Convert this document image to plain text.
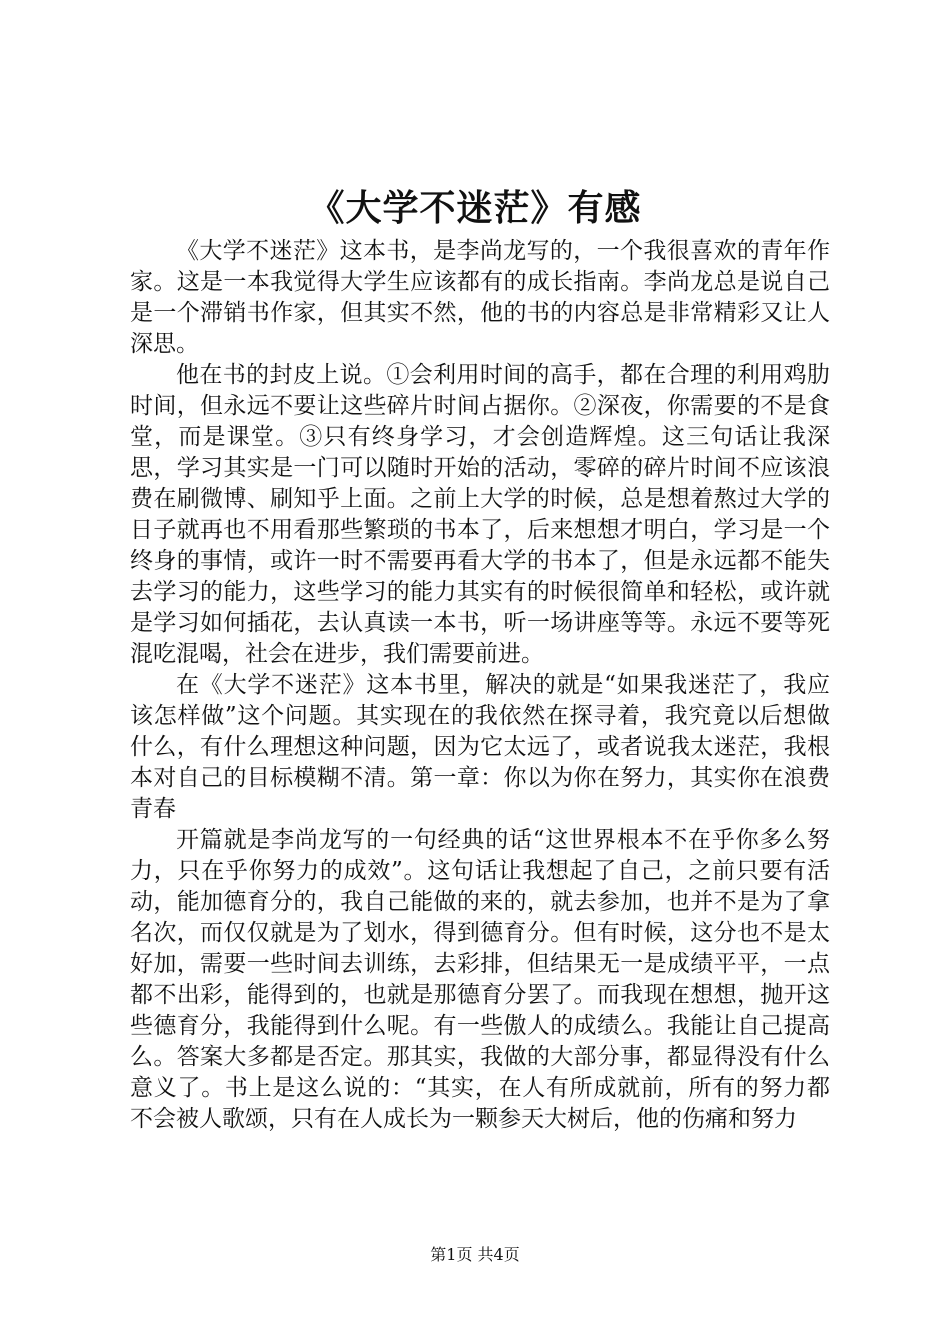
《大学不迷茫》有感

《大学不迷茫》这本书，是李尚龙写的，一个我很喜欢的青年作家。这是一本我觉得大学生应该都有的成长指南。李尚龙总是说自己是一个滞销书作家，但其实不然，他的书的内容总是非常精彩又让人深思。

他在书的封皮上说。①会利用时间的高手，都在合理的利用鸡肋时间，但永远不要让这些碎片时间占据你。②深夜，你需要的不是食堂，而是课堂。③只有终身学习，才会创造辉煌。这三句话让我深思，学习其实是一门可以随时开始的活动，零碎的碎片时间不应该浪费在刷微博、刷知乎上面。之前上大学的时候，总是想着熬过大学的日子就再也不用看那些繁琐的书本了，后来想想才明白，学习是一个终身的事情，或许一时不需要再看大学的书本了，但是永远都不能失去学习的能力，这些学习的能力其实有的时候很简单和轻松，或许就是学习如何插花，去认真读一本书，听一场讲座等等。永远不要等死混吃混喝，社会在进步，我们需要前进。

在《大学不迷茫》这本书里，解决的就是“如果我迷茫了，我应该怎样做”这个问题。其实现在的我依然在探寻着，我究竟以后想做什么，有什么理想这种问题，因为它太远了，或者说我太迷茫，我根本对自己的目标模糊不清。第一章：你以为你在努力，其实你在浪费青春

开篇就是李尚龙写的一句经典的话“这世界根本不在乎你多么努力，只在乎你努力的成效”。这句话让我想起了自己，之前只要有活动，能加德育分的，我自己能做的来的，就去参加，也并不是为了拿名次，而仅仅就是为了划水，得到德育分。但有时候，这分也不是太好加，需要一些时间去训练，去彩排，但结果无一是成绩平平，一点都不出彩，能得到的，也就是那德育分罢了。而我现在想想，抛开这些德育分，我能得到什么呢。有一些傲人的成绩么。我能让自己提高么。答案大多都是否定。那其实，我做的大部分事，都显得没有什么意义了。书上是这么说的：“其实，在人有所成就前，所有的努力都不会被人歌颂，只有在人成长为一颗参天大树后，他的伤痛和努力

第1页 共4页
